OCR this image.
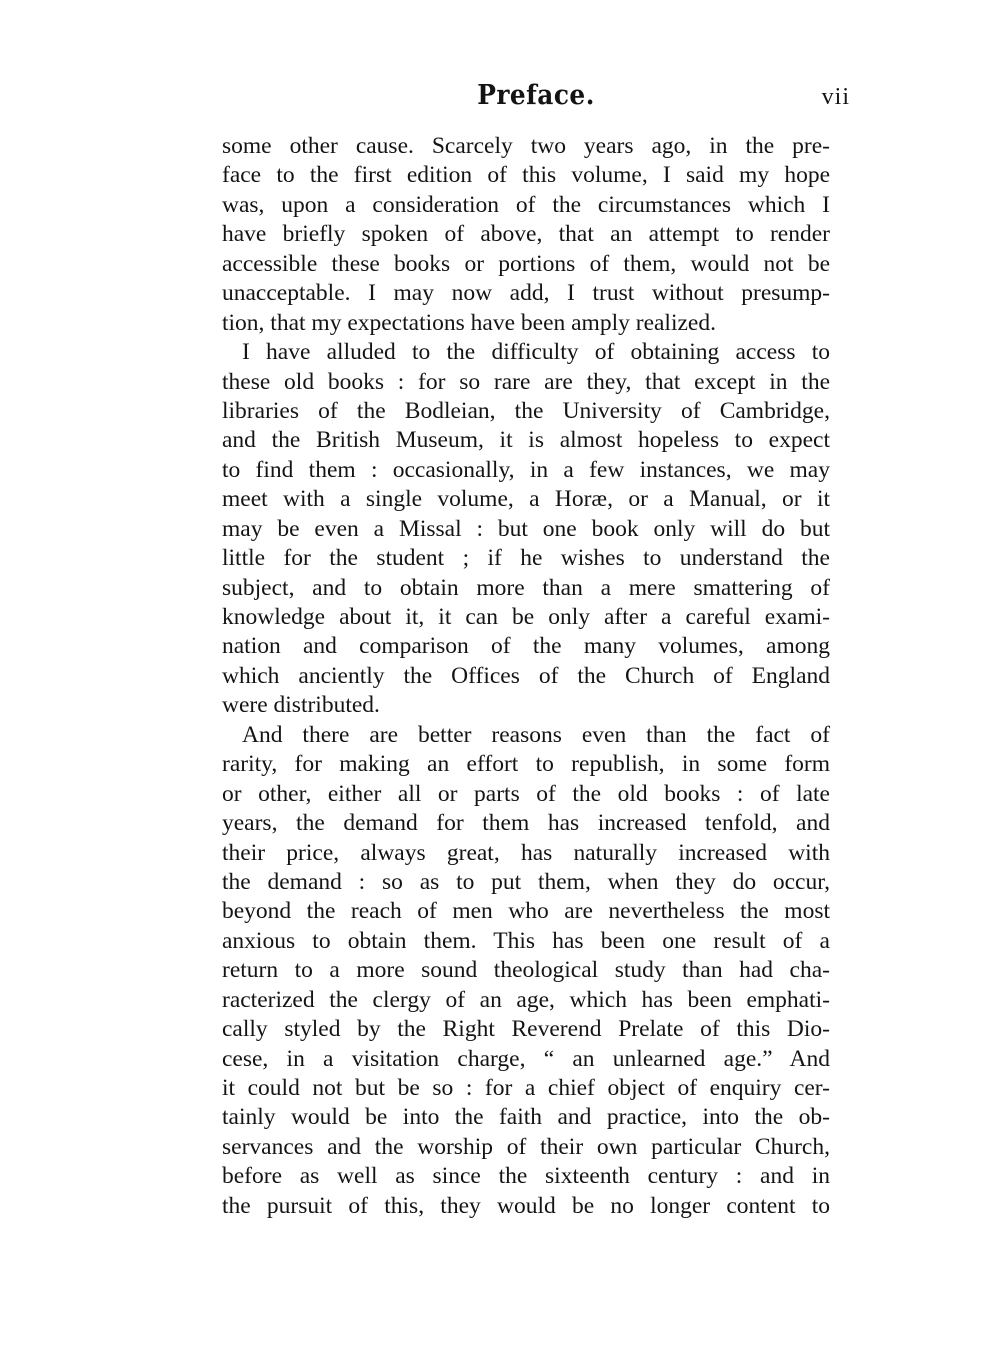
Preface.	vii
some other cause. Scarcely two years ago, in the pre-
face to the first edition of this volume, I said my hope
was, upon a consideration of the circumstances which I
have briefly spoken of above, that an attempt to render
accessible these books or portions of them, would not be
unacceptable. I may now add, I trust without presump-
tion, that my expectations have been amply realized.
I have alluded to the difficulty of obtaining access to
these old books : for so rare are they, that except in the
libraries of the Bodleian, the University of Cambridge,
and the British Museum, it is almost hopeless to expect
to find them : occasionally, in a few instances, we may
meet with a single volume, a Horæ, or a Manual, or it
may be even a Missal : but one book only will do but
little for the student ; if he wishes to understand the
subject, and to obtain more than a mere smattering of
knowledge about it, it can be only after a careful exami-
nation and comparison of the many volumes, among
which anciently the Offices of the Church of England
were distributed.
And there are better reasons even than the fact of
rarity, for making an effort to republish, in some form
or other, either all or parts of the old books : of late
years, the demand for them has increased tenfold, and
their price, always great, has naturally increased with
the demand : so as to put them, when they do occur,
beyond the reach of men who are nevertheless the most
anxious to obtain them. This has been one result of a
return to a more sound theological study than had cha-
racterized the clergy of an age, which has been emphati-
cally styled by the Right Reverend Prelate of this Dio-
cese, in a visitation charge, “ an unlearned age.” And
it could not but be so : for a chief object of enquiry cer-
tainly would be into the faith and practice, into the ob-
servances and the worship of their own particular Church,
before as well as since the sixteenth century : and in
the pursuit of this, they would be no longer content to
